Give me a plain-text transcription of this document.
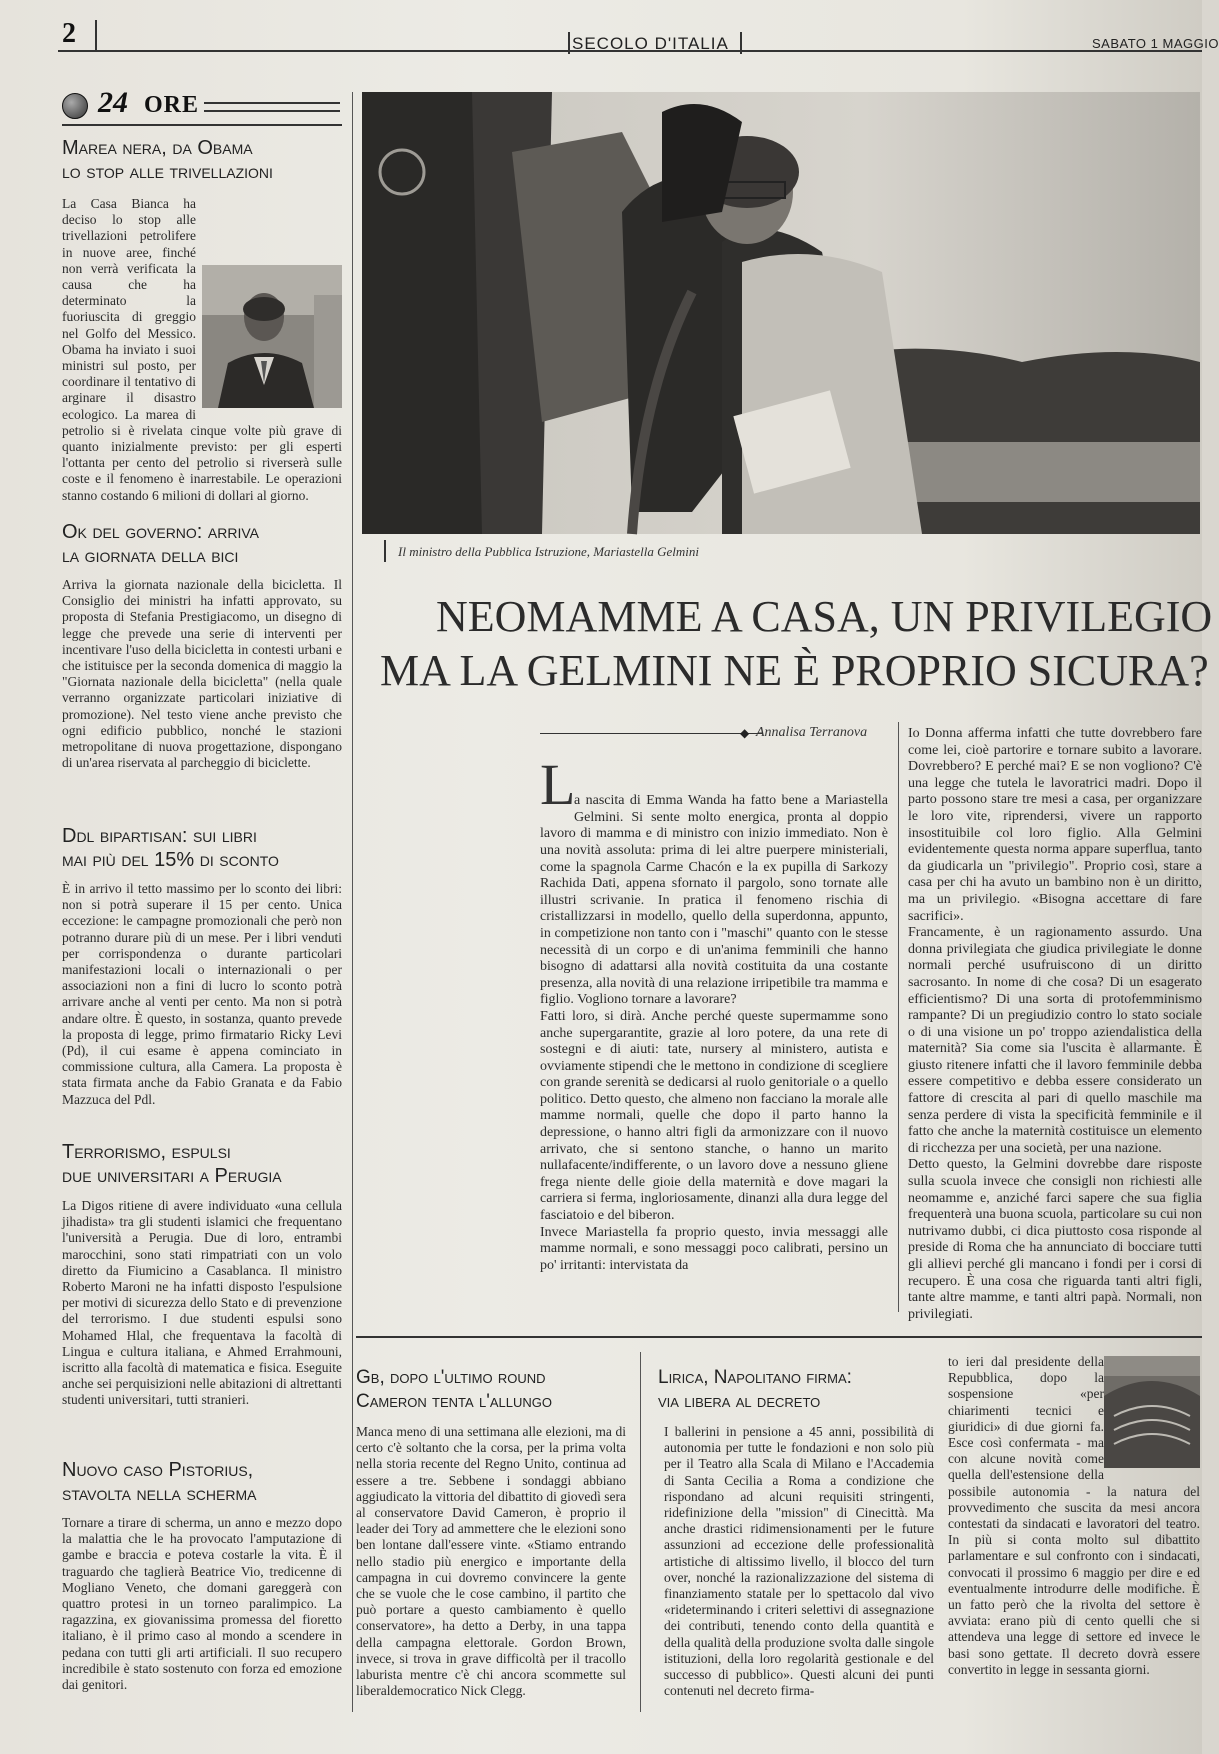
2	SECOLO D'ITALIA	SABATO 1 MAGGIO
24 ORE
Marea nera, da Obama
lo stop alle trivellazioni
La Casa Bianca ha deciso lo stop alle trivellazioni petrolifere in nuove aree, finché non verrà verificata la causa che ha determinato la fuoriuscita di greggio nel Golfo del Messico. Obama ha inviato i suoi ministri sul posto, per coordinare il tentativo di arginare il disastro ecologico. La marea di petrolio si è rivelata cinque volte più grave di quanto inizialmente previsto: per gli esperti l'ottanta per cento del petrolio si riverserà sulle coste e il fenomeno è inarrestabile. Le operazioni stanno costando 6 milioni di dollari al giorno.
Ok del governo: arriva
la giornata della bici
Arriva la giornata nazionale della bicicletta. Il Consiglio dei ministri ha infatti approvato, su proposta di Stefania Prestigiacomo, un disegno di legge che prevede una serie di interventi per incentivare l'uso della bicicletta in contesti urbani e che istituisce per la seconda domenica di maggio la "Giornata nazionale della bicicletta" (nella quale verranno organizzate particolari iniziative di promozione). Nel testo viene anche previsto che ogni edificio pubblico, nonché le stazioni metropolitane di nuova progettazione, dispongano di un'area riservata al parcheggio di biciclette.
Ddl bipartisan: sui libri
mai più del 15% di sconto
È in arrivo il tetto massimo per lo sconto dei libri: non si potrà superare il 15 per cento. Unica eccezione: le campagne promozionali che però non potranno durare più di un mese. Per i libri venduti per corrispondenza o durante particolari manifestazioni locali o internazionali o per associazioni non a fini di lucro lo sconto potrà arrivare anche al venti per cento. Ma non si potrà andare oltre. È questo, in sostanza, quanto prevede la proposta di legge, primo firmatario Ricky Levi (Pd), il cui esame è appena cominciato in commissione cultura, alla Camera. La proposta è stata firmata anche da Fabio Granata e da Fabio Mazzuca del Pdl.
Terrorismo, espulsi
due universitari a Perugia
La Digos ritiene di avere individuato «una cellula jihadista» tra gli studenti islamici che frequentano l'università a Perugia. Due di loro, entrambi marocchini, sono stati rimpatriati con un volo diretto da Fiumicino a Casablanca. Il ministro Roberto Maroni ne ha infatti disposto l'espulsione per motivi di sicurezza dello Stato e di prevenzione del terrorismo. I due studenti espulsi sono Mohamed Hlal, che frequentava la facoltà di Lingua e cultura italiana, e Ahmed Errahmouni, iscritto alla facoltà di matematica e fisica. Eseguite anche sei perquisizioni nelle abitazioni di altrettanti studenti universitari, tutti stranieri.
Nuovo caso Pistorius,
stavolta nella scherma
Tornare a tirare di scherma, un anno e mezzo dopo la malattia che le ha provocato l'amputazione di gambe e braccia e poteva costarle la vita. È il traguardo che taglierà Beatrice Vio, tredicenne di Mogliano Veneto, che domani gareggerà con quattro protesi in un torneo paralimpico. La ragazzina, ex giovanissima promessa del fioretto italiano, è il primo caso al mondo a scendere in pedana con tutti gli arti artificiali. Il suo recupero incredibile è stato sostenuto con forza ed emozione dai genitori.
Il ministro della Pubblica Istruzione, Mariastella Gelmini
NEOMAMME A CASA, UN PRIVILEGIO
MA LA GELMINI NE È PROPRIO SICURA?
◆ Annalisa Terranova
L

a nascita di Emma Wanda ha fatto bene a Mariastella Gelmini. Si sente molto energica, pronta al doppio lavoro di mamma e di ministro con inizio immediato. Non è una novità assoluta: prima di lei altre puerpere ministeriali, come la spagnola Carme Chacón e la ex pupilla di Sarkozy Rachida Dati, appena sfornato il pargolo, sono tornate alle illustri scrivanie. In pratica il fenomeno rischia di cristallizzarsi in modello, quello della superdonna, appunto, in competizione non tanto con i "maschi" quanto con le stesse necessità di un corpo e di un'anima femminili che hanno bisogno di adattarsi alla novità costituita da una costante presenza, alla novità di una relazione irripetibile tra mamma e figlio. Vogliono tornare a lavorare?
Fatti loro, si dirà. Anche perché queste supermamme sono anche supergarantite, grazie al loro potere, da una rete di sostegni e di aiuti: tate, nursery al ministero, autista e ovviamente stipendi che le mettono in condizione di scegliere con grande serenità se dedicarsi al ruolo genitoriale o a quello politico. Detto questo, che almeno non facciano la morale alle mamme normali, quelle che dopo il parto hanno la depressione, o hanno altri figli da armonizzare con il nuovo arrivato, che si sentono stanche, o hanno un marito nullafacente/indifferente, o un lavoro dove a nessuno gliene frega niente delle gioie della maternità e dove magari la carriera si ferma, ingloriosamente, dinanzi alla dura legge del fasciatoio e del biberon.
Invece Mariastella fa proprio questo, invia messaggi alle mamme normali, e sono messaggi poco calibrati, persino un po' irritanti: intervistata da

Io Donna afferma infatti che tutte dovrebbero fare come lei, cioè partorire e tornare subito a lavorare. Dovrebbero? E perché mai? E se non vogliono? C'è una legge che tutela le lavoratrici madri. Dopo il parto possono stare tre mesi a casa, per organizzare le loro vite, riprendersi, vivere un rapporto insostituibile col loro figlio. Alla Gelmini evidentemente questa norma appare superflua, tanto da giudicarla un "privilegio". Proprio così, stare a casa per chi ha avuto un bambino non è un diritto, ma un privilegio. «Bisogna accettare di fare sacrifici».
Francamente, è un ragionamento assurdo. Una donna privilegiata che giudica privilegiate le donne normali perché usufruiscono di un diritto sacrosanto. In nome di che cosa? Di un esagerato efficientismo? Di una sorta di protofemminismo rampante? Di un pregiudizio contro lo stato sociale o di una visione un po' troppo aziendalistica della maternità? Sia come sia l'uscita è allarmante. È giusto ritenere infatti che il lavoro femminile debba essere competitivo e debba essere considerato un fattore di crescita al pari di quello maschile ma senza perdere di vista la specificità femminile e il fatto che anche la maternità costituisce un elemento di ricchezza per una società, per una nazione.
Detto questo, la Gelmini dovrebbe dare risposte sulla scuola invece che consigli non richiesti alle neomamme e, anziché farci sapere che sua figlia frequenterà una buona scuola, particolare su cui non nutrivamo dubbi, ci dica piuttosto cosa risponde al preside di Roma che ha annunciato di bocciare tutti gli allievi perché gli mancano i fondi per i corsi di recupero. È una cosa che riguarda tanti altri figli, tante altre mamme, e tanti altri papà. Normali, non privilegiati.
Gb, dopo l'ultimo round
Cameron tenta l'allungo
Manca meno di una settimana alle elezioni, ma di certo c'è soltanto che la corsa, per la prima volta nella storia recente del Regno Unito, continua ad essere a tre. Sebbene i sondaggi abbiano aggiudicato la vittoria del dibattito di giovedì sera al conservatore David Cameron, è proprio il leader dei Tory ad ammettere che le elezioni sono ben lontane dall'essere vinte. «Stiamo entrando nello stadio più energico e importante della campagna in cui dovremo convincere la gente che se vuole che le cose cambino, il partito che può portare a questo cambiamento è quello conservatore», ha detto a Derby, in una tappa della campagna elettorale. Gordon Brown, invece, si trova in grave difficoltà per il tracollo laburista mentre c'è chi ancora scommette sul liberaldemocratico Nick Clegg.
Lirica, Napolitano firma:
via libera al decreto
I ballerini in pensione a 45 anni, possibilità di autonomia per tutte le fondazioni e non solo più per il Teatro alla Scala di Milano e l'Accademia di Santa Cecilia a Roma a condizione che rispondano ad alcuni requisiti stringenti, ridefinizione della "mission" di Cinecittà. Ma anche drastici ridimensionamenti per le future assunzioni ad eccezione delle professionalità artistiche di altissimo livello, il blocco del turn over, nonché la razionalizzazione del sistema di finanziamento statale per lo spettacolo dal vivo «rideterminando i criteri selettivi di assegnazione dei contributi, tenendo conto della quantità e della qualità della produzione svolta dalle singole istituzioni, della loro regolarità gestionale e del successo di pubblico». Questi alcuni dei punti contenuti nel decreto firma-
to ieri dal presidente della Repubblica, dopo la sospensione «per chiarimenti tecnici e giuridici» di due giorni fa. Esce così confermata - ma con alcune novità come quella dell'estensione della possibile autonomia - la natura del provvedimento che suscita da mesi ancora contestati da sindacati e lavoratori del teatro. In più si conta molto sul dibattito parlamentare e sul confronto con i sindacati, convocati il prossimo 6 maggio per dire e ed eventualmente introdurre delle modifiche. È un fatto però che la rivolta del settore è avviata: erano più di cento quelli che si attendeva una legge di settore ed invece le basi sono gettate. Il decreto dovrà essere convertito in legge in sessanta giorni.
